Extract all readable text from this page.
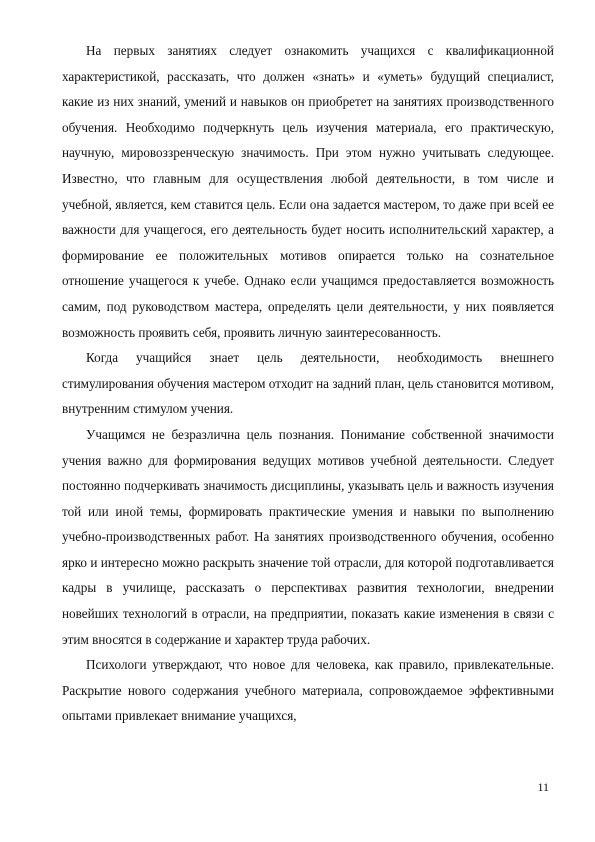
На первых занятиях следует ознакомить учащихся с квалификационной характеристикой, рассказать, что должен «знать» и «уметь» будущий специалист, какие из них знаний, умений и навыков он приобретет на занятиях производственного обучения. Необходимо подчеркнуть цель изучения материала, его практическую, научную, мировоззренческую значимость. При этом нужно учитывать следующее. Известно, что главным для осуществления любой деятельности, в том числе и учебной, является, кем ставится цель. Если она задается мастером, то даже при всей ее важности для учащегося, его деятельность будет носить исполнительский характер, а формирование ее положительных мотивов опирается только на сознательное отношение учащегося к учебе. Однако если учащимся предоставляется возможность самим, под руководством мастера, определять цели деятельности, у них появляется возможность проявить себя, проявить личную заинтересованность.

Когда учащийся знает цель деятельности, необходимость внешнего стимулирования обучения мастером отходит на задний план, цель становится мотивом, внутренним стимулом учения.

Учащимся не безразлична цель познания. Понимание собственной значимости учения важно для формирования ведущих мотивов учебной деятельности. Следует постоянно подчеркивать значимость дисциплины, указывать цель и важность изучения той или иной темы, формировать практические умения и навыки по выполнению учебно-производственных работ. На занятиях производственного обучения, особенно ярко и интересно можно раскрыть значение той отрасли, для которой подготавливается кадры в училище, рассказать о перспективах развития технологии, внедрении новейших технологий в отрасли, на предприятии, показать какие изменения в связи с этим вносятся в содержание и характер труда рабочих.

Психологи утверждают, что новое для человека, как правило, привлекательные. Раскрытие нового содержания учебного материала, сопровождаемое эффективными опытами привлекает внимание учащихся,

11
